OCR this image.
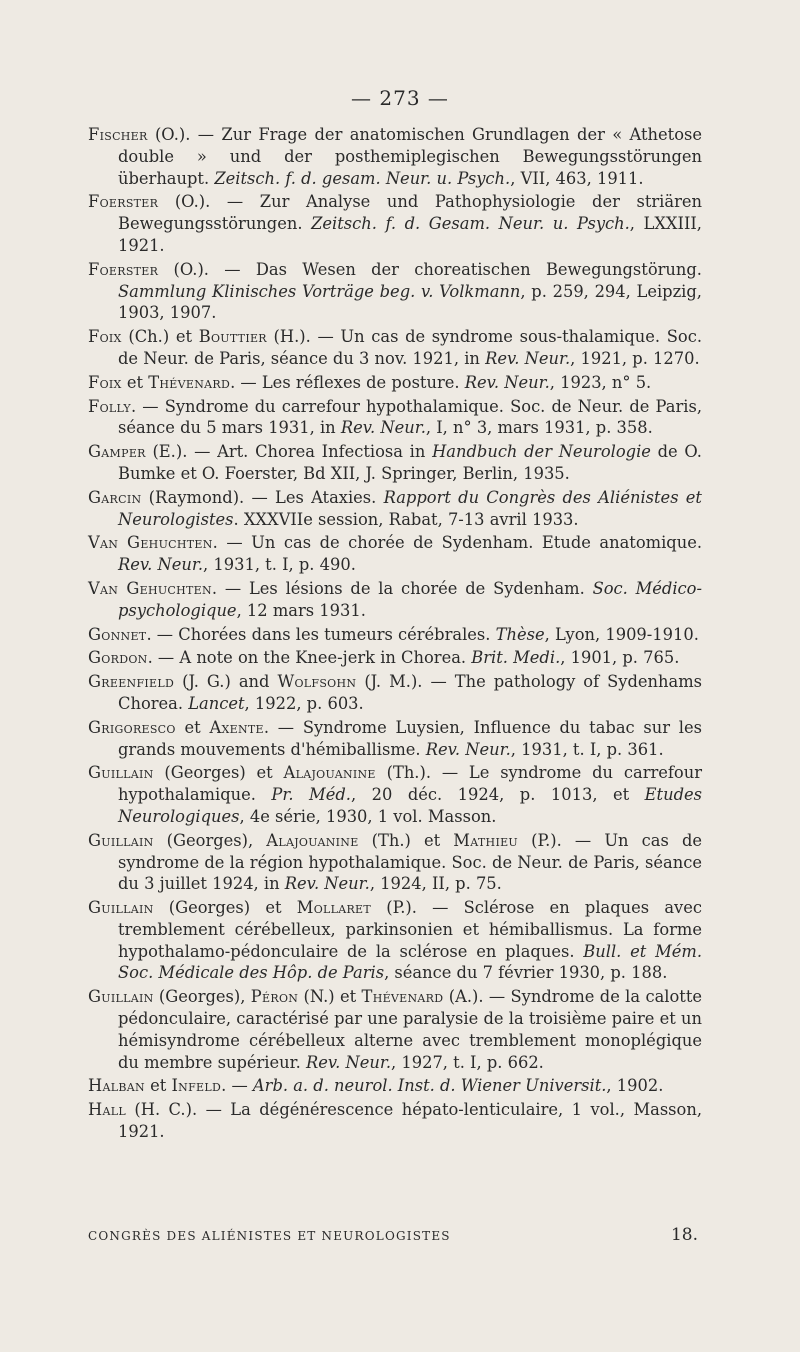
— 273 —

Fischer (O.). — Zur Frage der anatomischen Grundlagen der « Athetose double » und der posthemiplegischen Bewegungsstörungen überhaupt. Zeitsch. f. d. gesam. Neur. u. Psych., VII, 463, 1911.

Foerster (O.). — Zur Analyse und Pathophysiologie der striären Bewegungsstörungen. Zeitsch. f. d. Gesam. Neur. u. Psych., LXXIII, 1921.

Foerster (O.). — Das Wesen der choreatischen Bewegungstörung. Sammlung Klinisches Vorträge beg. v. Volkmann, p. 259, 294, Leipzig, 1903, 1907.

Foix (Ch.) et Bouttier (H.). — Un cas de syndrome sous-thalamique. Soc. de Neur. de Paris, séance du 3 nov. 1921, in Rev. Neur., 1921, p. 1270.

Foix et Thévenard. — Les réflexes de posture. Rev. Neur., 1923, n° 5.

Folly. — Syndrome du carrefour hypothalamique. Soc. de Neur. de Paris, séance du 5 mars 1931, in Rev. Neur., I, n° 3, mars 1931, p. 358.

Gamper (E.). — Art. Chorea Infectiosa in Handbuch der Neurologie de O. Bumke et O. Foerster, Bd XII, J. Springer, Berlin, 1935.

Garcin (Raymond). — Les Ataxies. Rapport du Congrès des Aliénistes et Neurologistes. XXXVIIe session, Rabat, 7-13 avril 1933.

Van Gehuchten. — Un cas de chorée de Sydenham. Etude anatomique. Rev. Neur., 1931, t. I, p. 490.

Van Gehuchten. — Les lésions de la chorée de Sydenham. Soc. Médico-psychologique, 12 mars 1931.

Gonnet. — Chorées dans les tumeurs cérébrales. Thèse, Lyon, 1909-1910.

Gordon. — A note on the Knee-jerk in Chorea. Brit. Medi., 1901, p. 765.

Greenfield (J. G.) and Wolfsohn (J. M.). — The pathology of Sydenhams Chorea. Lancet, 1922, p. 603.

Grigoresco et Axente. — Syndrome Luysien, Influence du tabac sur les grands mouvements d'hémiballisme. Rev. Neur., 1931, t. I, p. 361.

Guillain (Georges) et Alajouanine (Th.). — Le syndrome du carrefour hypothalamique. Pr. Méd., 20 déc. 1924, p. 1013, et Etudes Neurologiques, 4e série, 1930, 1 vol. Masson.

Guillain (Georges), Alajouanine (Th.) et Mathieu (P.). — Un cas de syndrome de la région hypothalamique. Soc. de Neur. de Paris, séance du 3 juillet 1924, in Rev. Neur., 1924, II, p. 75.

Guillain (Georges) et Mollaret (P.). — Sclérose en plaques avec tremblement cérébelleux, parkinsonien et hémiballismus. La forme hypothalamo-pédonculaire de la sclérose en plaques. Bull. et Mém. Soc. Médicale des Hôp. de Paris, séance du 7 février 1930, p. 188.

Guillain (Georges), Péron (N.) et Thévenard (A.). — Syndrome de la calotte pédonculaire, caractérisé par une paralysie de la troisième paire et un hémisyndrome cérébelleux alterne avec tremblement monoplégique du membre supérieur. Rev. Neur., 1927, t. I, p. 662.

Halban et Infeld. — Arb. a. d. neurol. Inst. d. Wiener Universit., 1902.

Hall (H. C.). — La dégénérescence hépato-lenticulaire, 1 vol., Masson, 1921.

CONGRÈS DES ALIÉNISTES ET NEUROLOGISTES	18.
